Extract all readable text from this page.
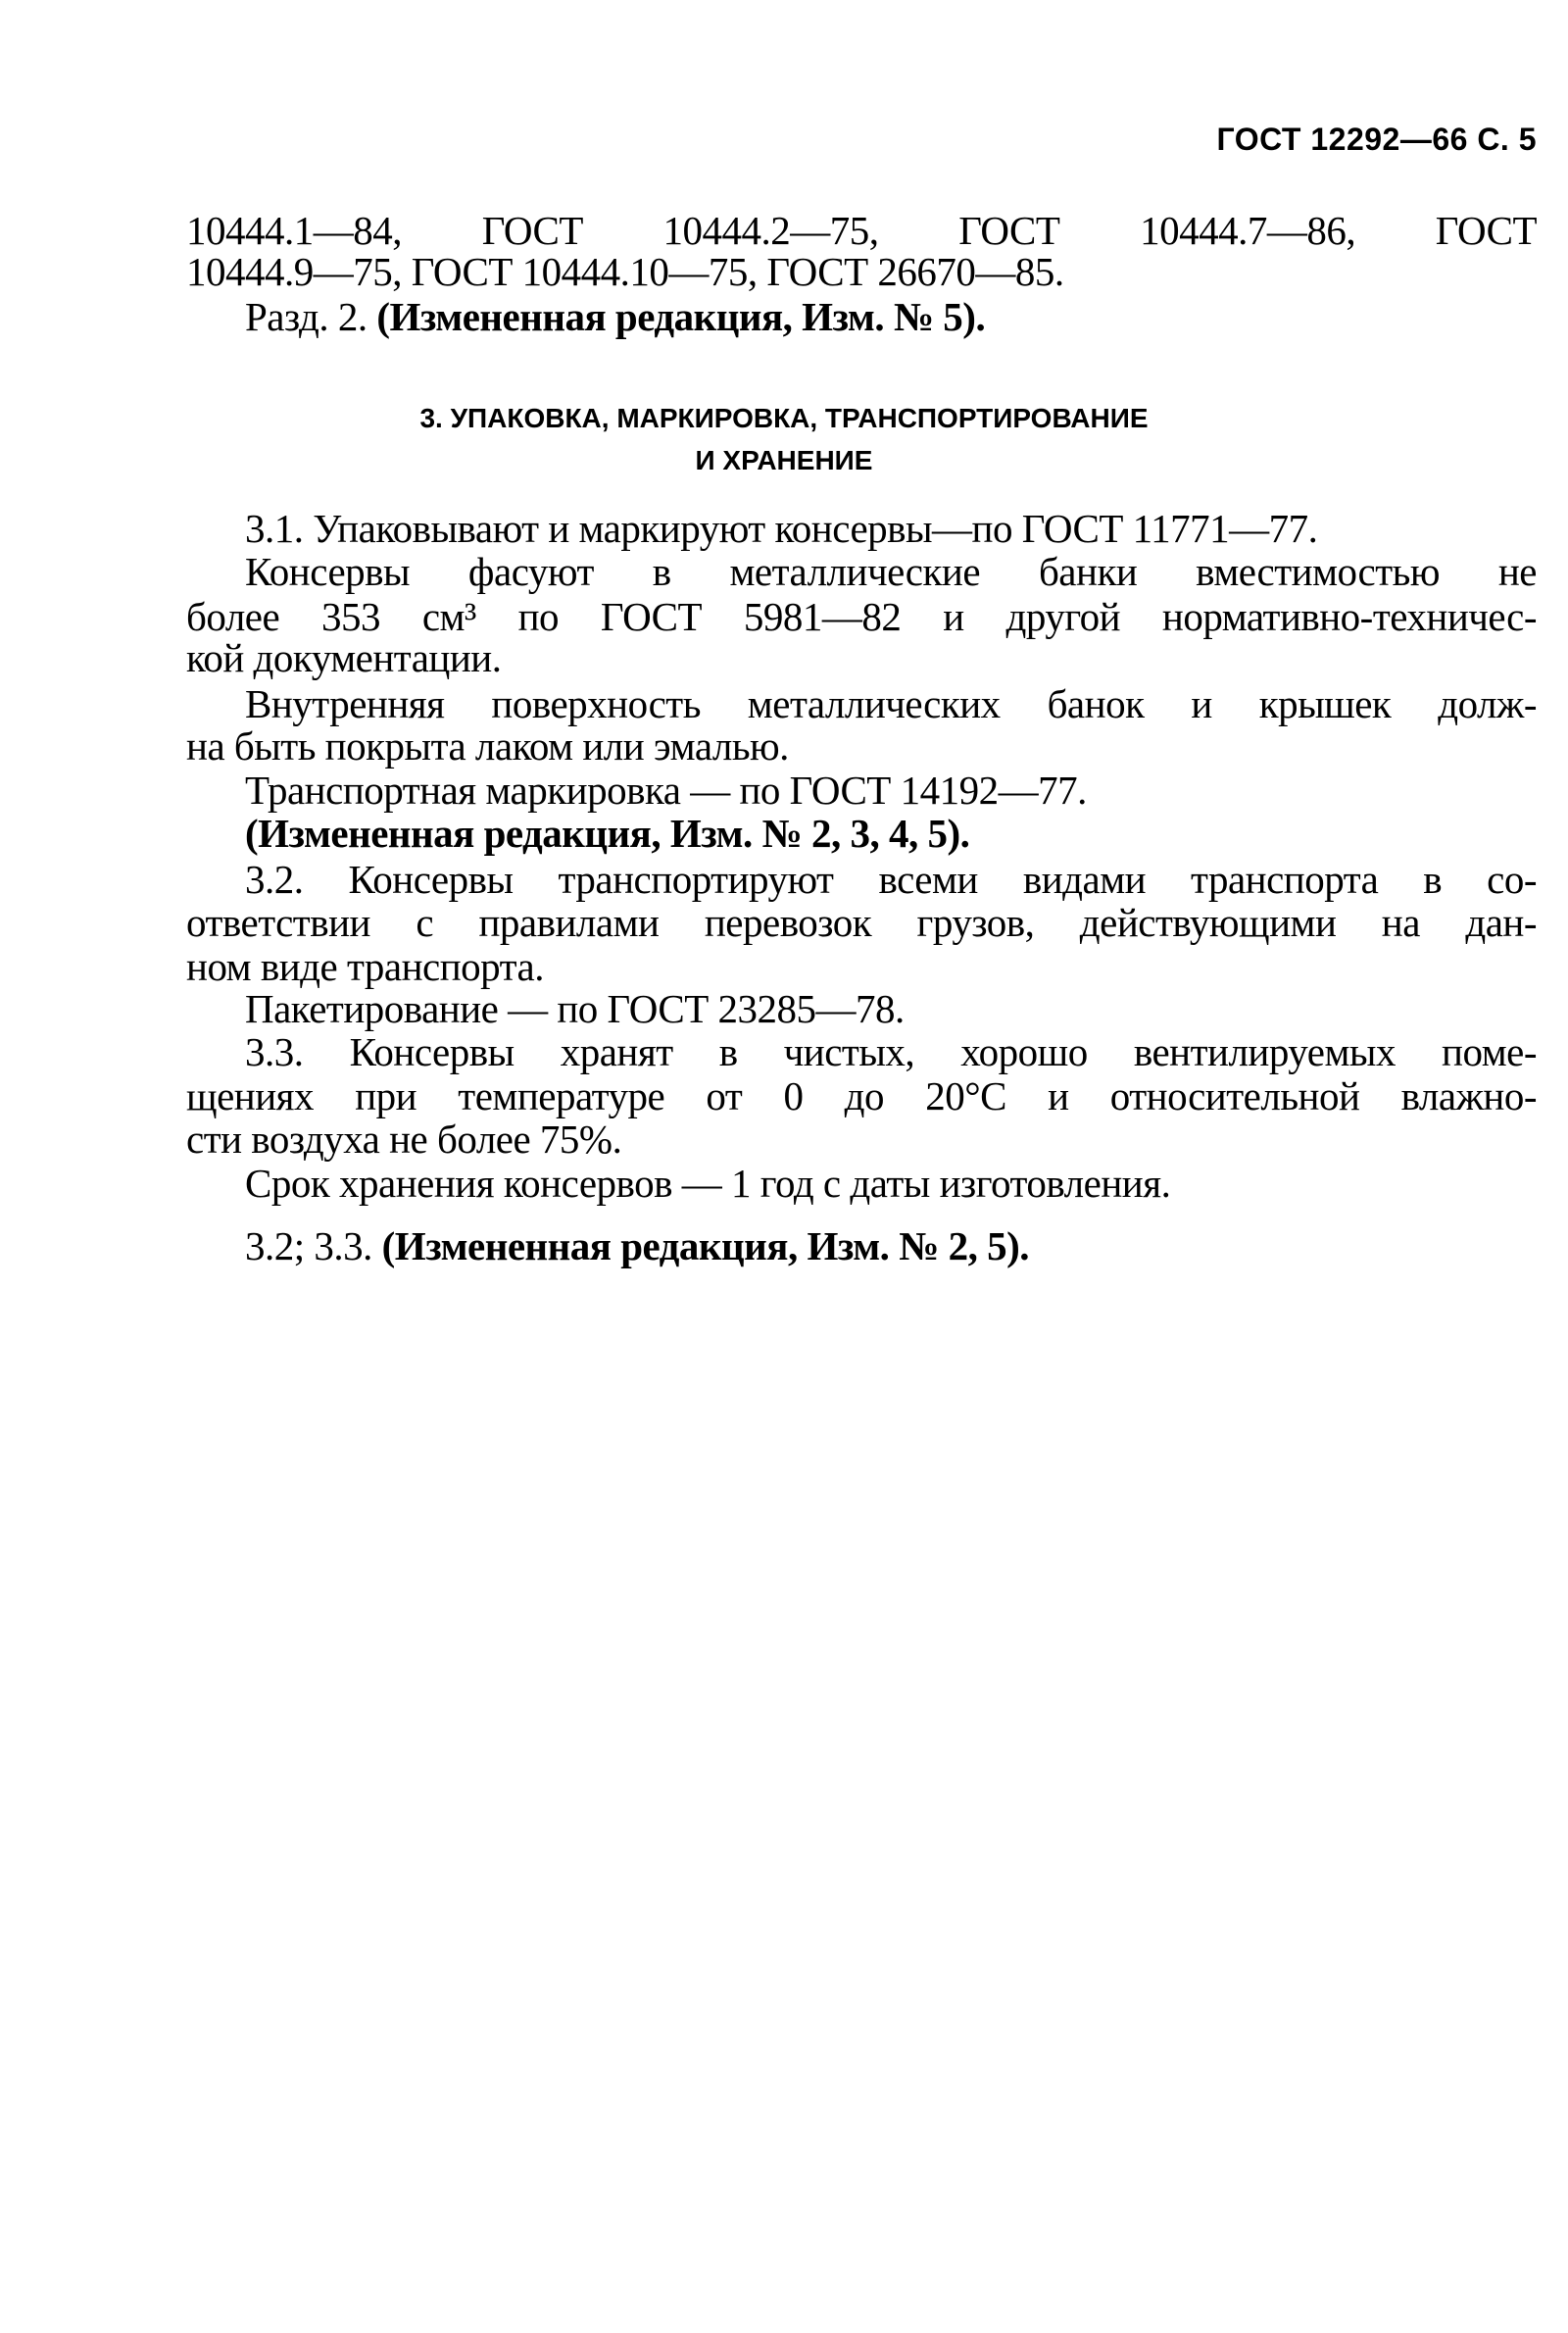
ГОСТ 12292—66 С. 5
10444.1—84, ГОСТ 10444.2—75, ГОСТ 10444.7—86, ГОСТ
10444.9—75, ГОСТ 10444.10—75, ГОСТ 26670—85.
Разд. 2. (Измененная редакция, Изм. № 5).
3. УПАКОВКА, МАРКИРОВКА, ТРАНСПОРТИРОВАНИЕ
И ХРАНЕНИЕ
3.1. Упаковывают и маркируют консервы—по ГОСТ 11771—77.
Консервы фасуют в металлические банки вместимостью не
более 353 см³ по ГОСТ 5981—82 и другой нормативно-техничес-
кой документации.
Внутренняя поверхность металлических банок и крышек долж-
на быть покрыта лаком или эмалью.
Транспортная маркировка — по ГОСТ 14192—77.
(Измененная редакция, Изм. № 2, 3, 4, 5).
3.2. Консервы транспортируют всеми видами транспорта в со-
ответствии с правилами перевозок грузов, действующими на дан-
ном виде транспорта.
Пакетирование — по ГОСТ 23285—78.
3.3. Консервы хранят в чистых, хорошо вентилируемых поме-
щениях при температуре от 0 до 20°С и относительной влажно-
сти воздуха не более 75%.
Срок хранения консервов — 1 год с даты изготовления.
3.2; 3.3. (Измененная редакция, Изм. № 2, 5).
